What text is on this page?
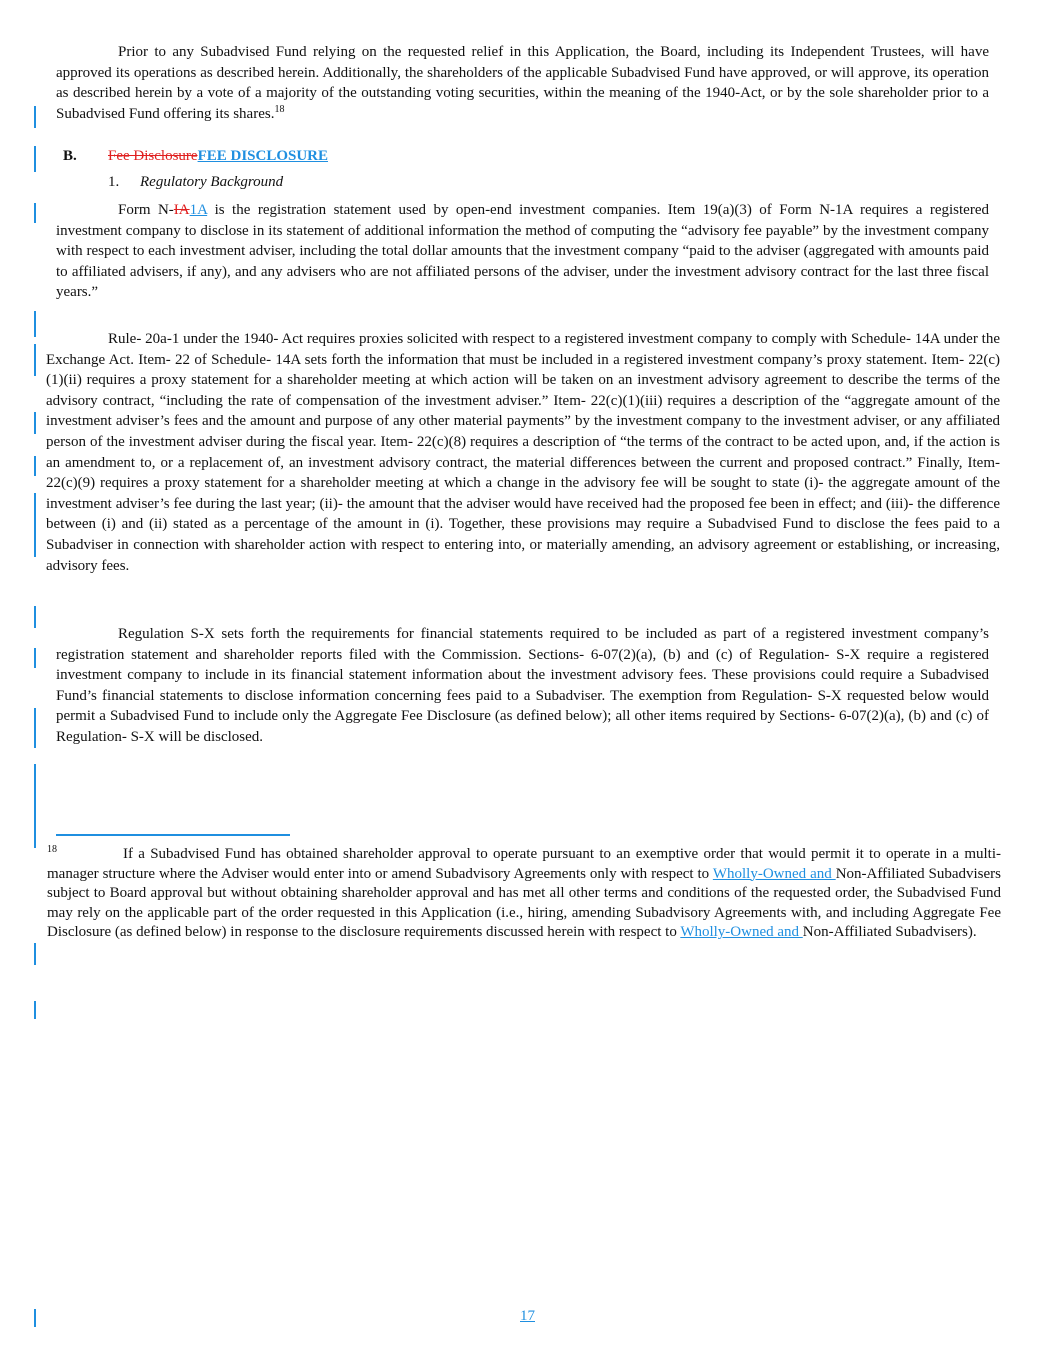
Prior to any Subadvised Fund relying on the requested relief in this Application, the Board, including its Independent Trustees, will have approved its operations as described herein. Additionally, the shareholders of the applicable Subadvised Fund have approved, or will approve, its operation as described herein by a vote of a majority of the outstanding voting securities, within the meaning of the 1940-Act, or by the sole shareholder prior to a Subadvised Fund offering its shares.$^{18}$

B. Fee DisclosureFEE DISCLOSURE
1. Regulatory Background

Form N-IA1A is the registration statement used by open-end investment companies. Item 19(a)(3) of Form N-1A requires a registered investment company to disclose in its statement of additional information the method of computing the “advisory fee payable” by the investment company with respect to each investment adviser, including the total dollar amounts that the investment company “paid to the adviser (aggregated with amounts paid to affiliated advisers, if any), and any advisers who are not affiliated persons of the adviser, under the investment advisory contract for the last three fiscal years.”

Rule- 20a-1 under the 1940- Act requires proxies solicited with respect to a registered investment company to comply with Schedule- 14A under the Exchange Act. Item- 22 of Schedule- 14A sets forth the information that must be included in a registered investment company’s proxy statement. Item- 22(c)(1)(ii) requires a proxy statement for a shareholder meeting at which action will be taken on an investment advisory agreement to describe the terms of the advisory contract, “including the rate of compensation of the investment adviser.” Item- 22(c)(1)(iii) requires a description of the “aggregate amount of the investment adviser’s fees and the amount and purpose of any other material payments” by the investment company to the investment adviser, or any affiliated person of the investment adviser during the fiscal year. Item- 22(c)(8) requires a description of “the terms of the contract to be acted upon, and, if the action is an amendment to, or a replacement of, an investment advisory contract, the material differences between the current and proposed contract.” Finally, Item- 22(c)(9) requires a proxy statement for a shareholder meeting at which a change in the advisory fee will be sought to state (i)- the aggregate amount of the investment adviser’s fee during the last year; (ii)- the amount that the adviser would have received had the proposed fee been in effect; and (iii)- the difference between (i) and (ii) stated as a percentage of the amount in (i). Together, these provisions may require a Subadvised Fund to disclose the fees paid to a Subadviser in connection with shareholder action with respect to entering into, or materially amending, an advisory agreement or establishing, or increasing, advisory fees.

Regulation S-X sets forth the requirements for financial statements required to be included as part of a registered investment company’s registration statement and shareholder reports filed with the Commission. Sections- 6-07(2)(a), (b) and (c) of Regulation- S-X require a registered investment company to include in its financial statement information about the investment advisory fees. These provisions could require a Subadvised Fund’s financial statements to disclose information concerning fees paid to a Subadviser. The exemption from Regulation- S-X requested below would permit a Subadvised Fund to include only the Aggregate Fee Disclosure (as defined below); all other items required by Sections- 6-07(2)(a), (b) and (c) of Regulation- S-X will be disclosed.

$^{18}$	If a Subadvised Fund has obtained shareholder approval to operate pursuant to an exemptive order that would permit it to operate in a multi-manager structure where the Adviser would enter into or amend Subadvisory Agreements only with respect to Wholly-Owned and Non-Affiliated Subadvisers subject to Board approval but without obtaining shareholder approval and has met all other terms and conditions of the requested order, the Subadvised Fund may rely on the applicable part of the order requested in this Application (i.e., hiring, amending Subadvisory Agreements with, and including Aggregate Fee Disclosure (as defined below) in response to the disclosure requirements discussed herein with respect to Wholly-Owned and Non-Affiliated Subadvisers).

17
